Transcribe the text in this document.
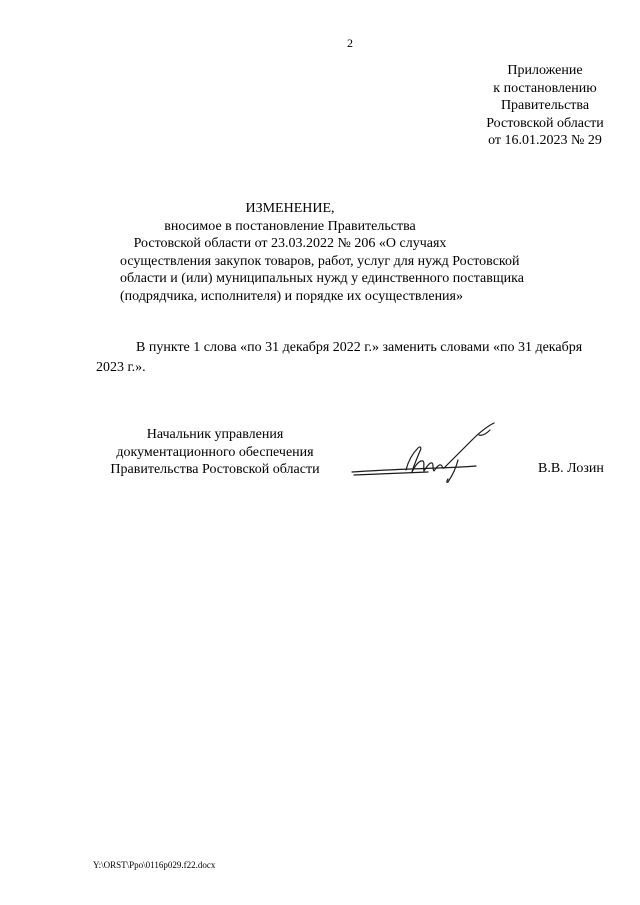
2
Приложение
к постановлению
Правительства
Ростовской области
от 16.01.2023 № 29
ИЗМЕНЕНИЕ,
вносимое в постановление Правительства
Ростовской области от 23.03.2022 № 206 «О случаях
осуществления закупок товаров, работ, услуг для нужд Ростовской
области и (или) муниципальных нужд у единственного поставщика
(подрядчика, исполнителя) и порядке их осуществления»
В пункте 1 слова «по 31 декабря 2022 г.» заменить словами «по 31 декабря
2023 г.».
Начальник управления
документационного обеспечения
Правительства Ростовской области	В.В. Лозин
Y:\ORST\Ppo\0116p029.f22.docx
